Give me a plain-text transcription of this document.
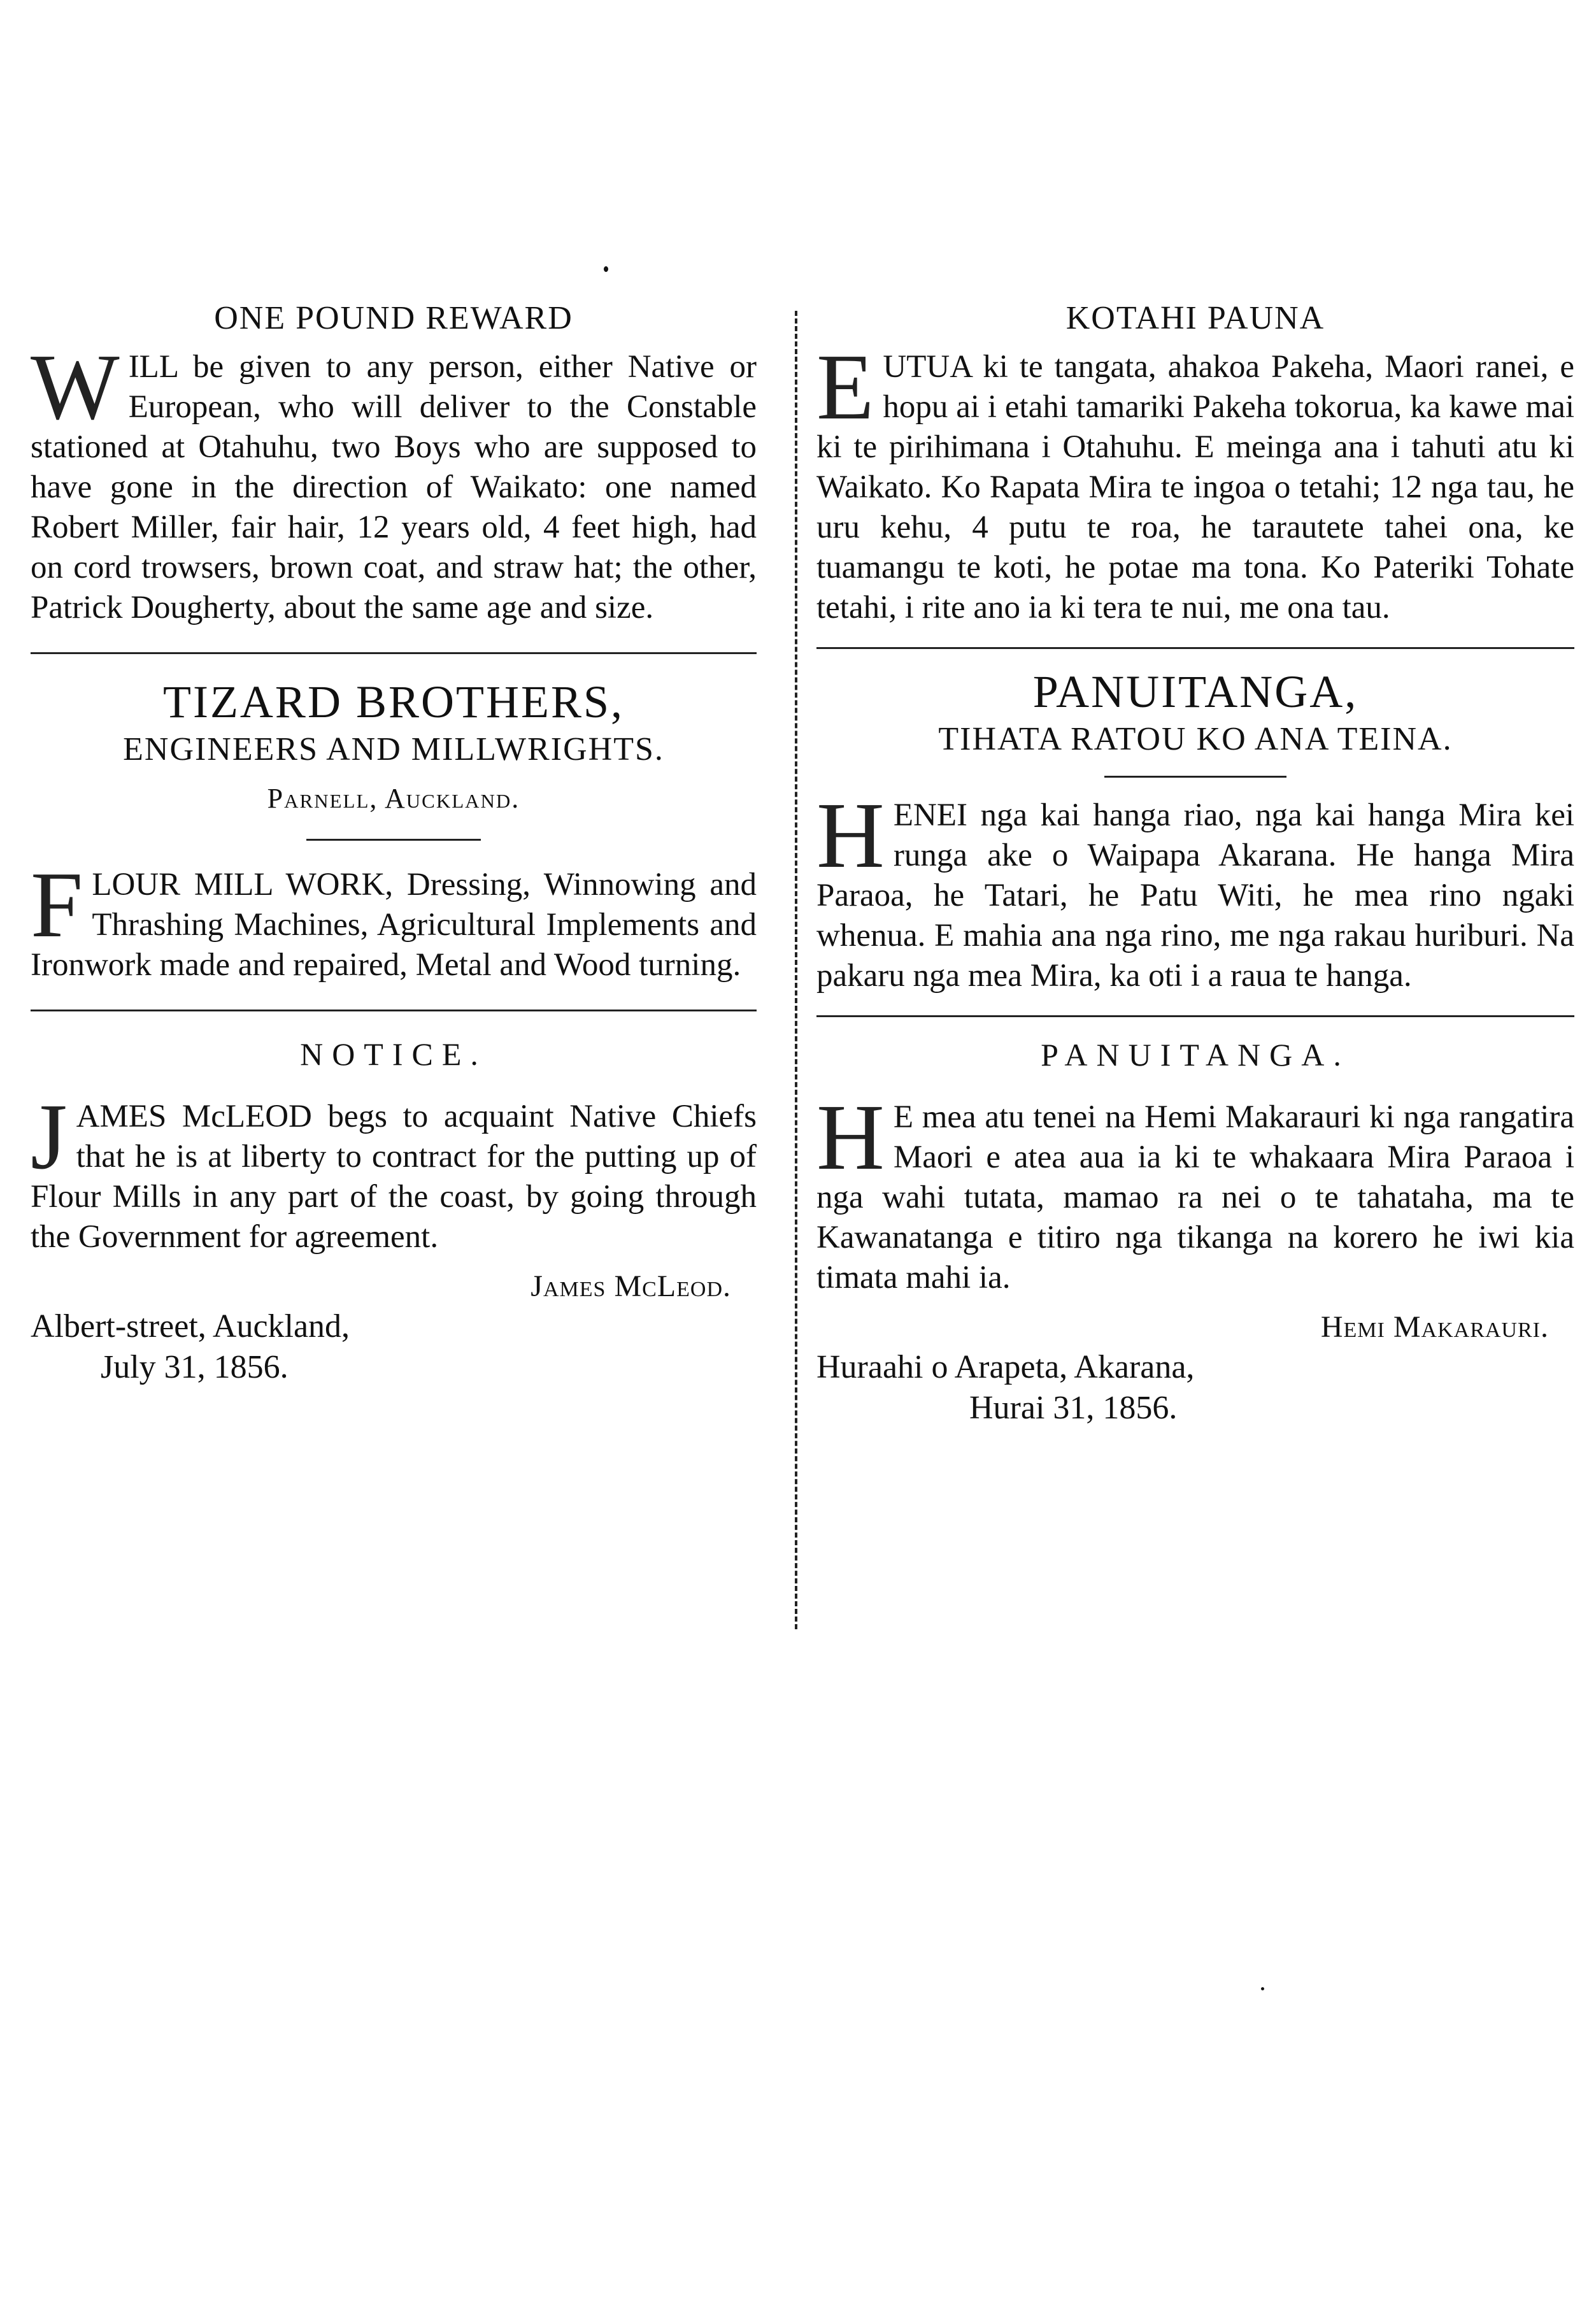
ONE POUND REWARD

W ILL be given to any person, either Native or European, who will deliver to the Constable stationed at Otahuhu, two Boys who are supposed to have gone in the direction of Waikato: one named Robert Miller, fair hair, 12 years old, 4 feet high, had on cord trowsers, brown coat, and straw hat; the other, Patrick Dougherty, about the same age and size.

TIZARD BROTHERS,
ENGINEERS AND MILLWRIGHTS.
Parnell, Auckland.

F LOUR MILL WORK, Dressing, Winnowing and Thrashing Machines, Agricultural Implements and Ironwork made and repaired, Metal and Wood turning.

NOTICE.

J AMES McLEOD begs to acquaint Native Chiefs that he is at liberty to contract for the putting up of Flour Mills in any part of the coast, by going through the Government for agreement.

James McLeod.
Albert-street, Auckland,
July 31, 1856.
KOTAHI PAUNA

E UTUA ki te tangata, ahakoa Pakeha, Maori ranei, e hopu ai i etahi tamariki Pakeha tokorua, ka kawe mai ki te pirihimana i Otahuhu. E meinga ana i tahuti atu ki Waikato. Ko Rapata Mira te ingoa o tetahi; 12 nga tau, he uru kehu, 4 putu te roa, he tarautete tahei ona, ke tuamangu te koti, he potae ma tona. Ko Pateriki Tohate tetahi, i rite ano ia ki tera te nui, me ona tau.

PANUITANGA,
TIHATA RATOU KO ANA TEINA.

H ENEI nga kai hanga riao, nga kai hanga Mira kei runga ake o Waipapa Akarana. He hanga Mira Paraoa, he Tatari, he Patu Witi, he mea rino ngaki whenua. E mahia ana nga rino, me nga rakau huriburi. Na pakaru nga mea Mira, ka oti i a raua te hanga.

PANUITANGA.

H E mea atu tenei na Hemi Makarauri ki nga rangatira Maori e atea aua ia ki te whakaara Mira Paraoa i nga wahi tutata, mamao ra nei o te tahataha, ma te Kawanatanga e titiro nga tikanga na korero he iwi kia timata mahi ia.

Hemi Makarauri.
Huraahi o Arapeta, Akarana,
Hurai 31, 1856.
